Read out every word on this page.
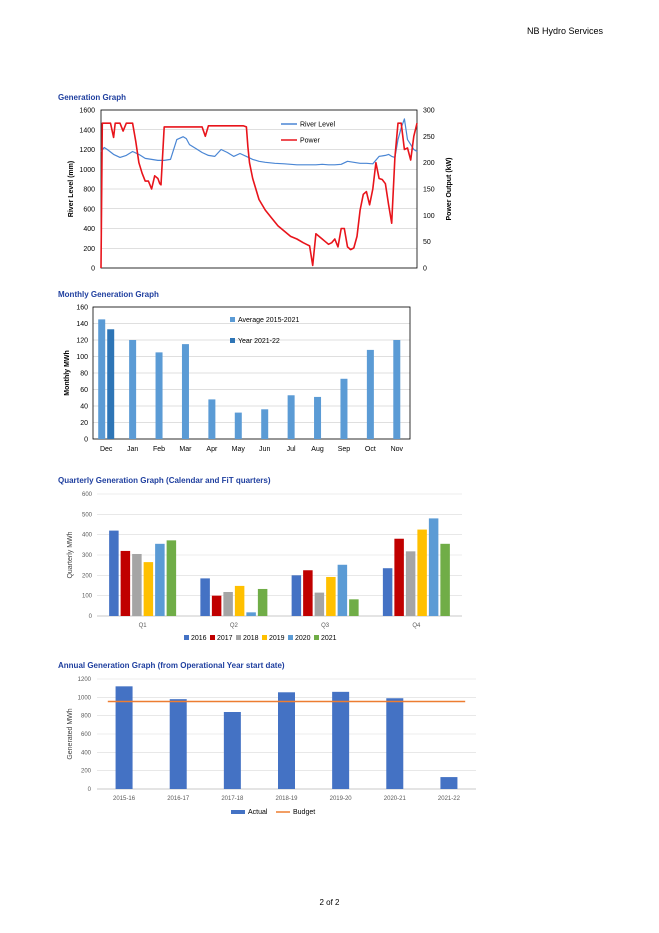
NB Hydro Services
Generation Graph
0
200
400
600
800
1000
1200
1400
1600
0
50
100
150
200
250
300
River Level (mm)	Power Output (kW)
River Level
Power
Monthly Generation Graph
0
20
40
60
80
100
120
140
160
Monthly MWh
Dec Jan Feb Mar Apr May Jun Jul Aug Sep Oct Nov
Average 2015-2021
Year 2021-22
Quarterly Generation Graph (Calendar and FiT quarters)
0
100
200
300
400
500
600
Quarterly MWh
Q1	Q2	Q3	Q4
2016 2017 2018 2019 2020 2021
Annual Generation Graph (from Operational Year start date)
0
200
400
600
800
1000
1200
Generated MWh
2015-16	2016-17	2017-18	2018-19	2019-20	2020-21	2021-22
Actual	Budget
2 of 2
